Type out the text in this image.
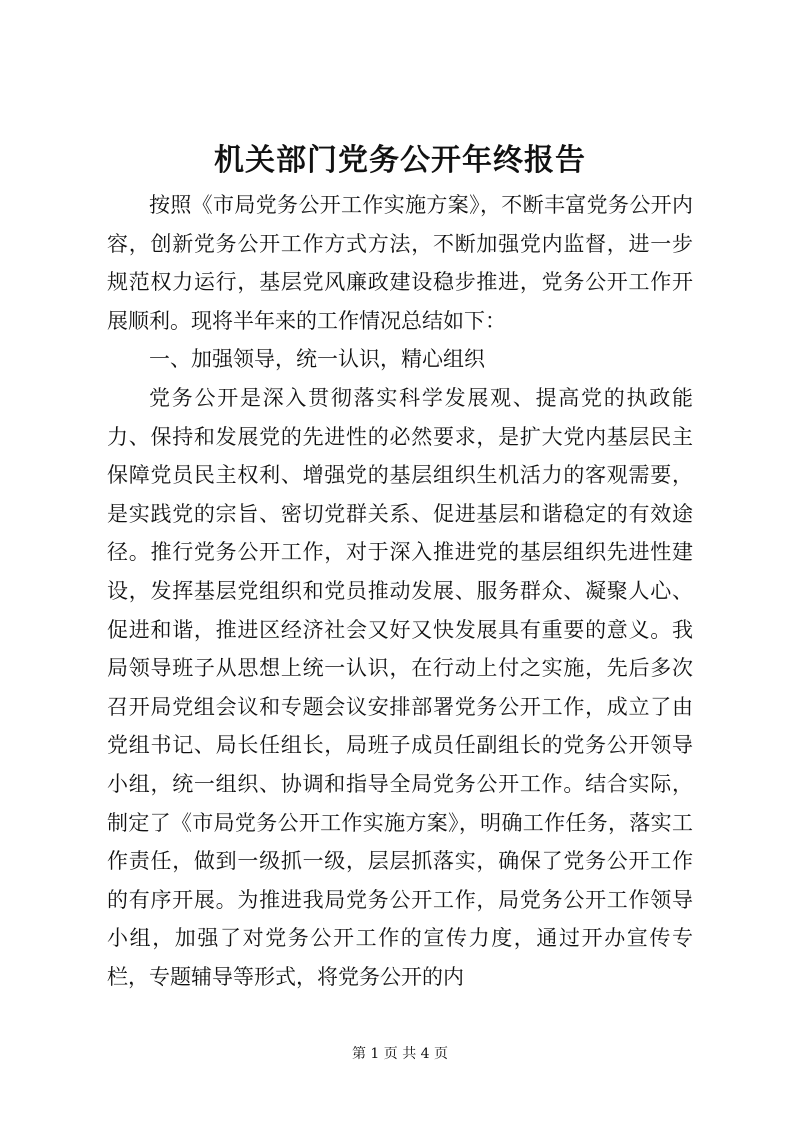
机关部门党务公开年终报告

按照《市局党务公开工作实施方案》，不断丰富党务公开内容，创新党务公开工作方式方法，不断加强党内监督，进一步规范权力运行，基层党风廉政建设稳步推进，党务公开工作开展顺利。现将半年来的工作情况总结如下：

一、加强领导，统一认识，精心组织

党务公开是深入贯彻落实科学发展观、提高党的执政能力、保持和发展党的先进性的必然要求，是扩大党内基层民主保障党员民主权利、增强党的基层组织生机活力的客观需要，是实践党的宗旨、密切党群关系、促进基层和谐稳定的有效途径。推行党务公开工作，对于深入推进党的基层组织先进性建设，发挥基层党组织和党员推动发展、服务群众、凝聚人心、促进和谐，推进区经济社会又好又快发展具有重要的意义。我局领导班子从思想上统一认识，在行动上付之实施，先后多次召开局党组会议和专题会议安排部署党务公开工作，成立了由党组书记、局长任组长，局班子成员任副组长的党务公开领导小组，统一组织、协调和指导全局党务公开工作。结合实际，制定了《市局党务公开工作实施方案》，明确工作任务，落实工作责任，做到一级抓一级，层层抓落实，确保了党务公开工作的有序开展。为推进我局党务公开工作，局党务公开工作领导小组，加强了对党务公开工作的宣传力度，通过开办宣传专栏，专题辅导等形式，将党务公开的内

第 1 页 共 4 页
